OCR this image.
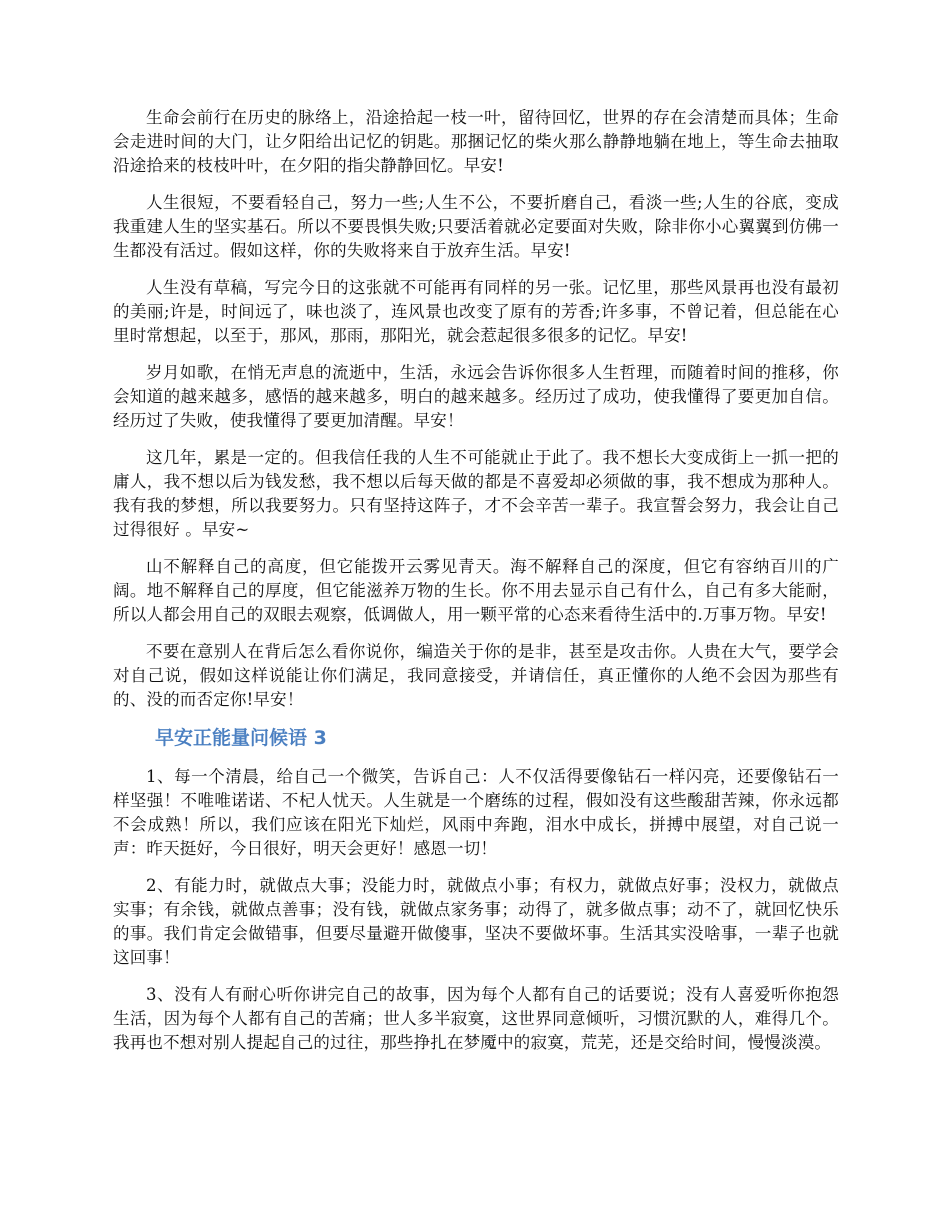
生命会前行在历史的脉络上，沿途拾起一枝一叶，留待回忆，世界的存在会清楚而具体；生命会走进时间的大门，让夕阳给出记忆的钥匙。那捆记忆的柴火那么静静地躺在地上，等生命去抽取沿途拾来的枝枝叶叶，在夕阳的指尖静静回忆。早安!

人生很短，不要看轻自己，努力一些;人生不公，不要折磨自己，看淡一些;人生的谷底，变成我重建人生的坚实基石。所以不要畏惧失败;只要活着就必定要面对失败，除非你小心翼翼到仿佛一生都没有活过。假如这样，你的失败将来自于放弃生活。早安!

人生没有草稿，写完今日的这张就不可能再有同样的另一张。记忆里，那些风景再也没有最初的美丽;许是，时间远了，味也淡了，连风景也改变了原有的芳香;许多事，不曾记着，但总能在心里时常想起，以至于，那风，那雨，那阳光，就会惹起很多很多的记忆。早安!

岁月如歌，在悄无声息的流逝中，生活，永远会告诉你很多人生哲理，而随着时间的推移，你会知道的越来越多，感悟的越来越多，明白的越来越多。经历过了成功，使我懂得了要更加自信。经历过了失败，使我懂得了要更加清醒。早安！

这几年，累是一定的。但我信任我的人生不可能就止于此了。我不想长大变成街上一抓一把的庸人，我不想以后为钱发愁，我不想以后每天做的都是不喜爱却必须做的事，我不想成为那种人。我有我的梦想，所以我要努力。只有坚持这阵子，才不会辛苦一辈子。我宣誓会努力，我会让自己过得很好 。早安~

山不解释自己的高度，但它能拨开云雾见青天。海不解释自己的深度，但它有容纳百川的广阔。地不解释自己的厚度，但它能滋养万物的生长。你不用去显示自己有什么，自己有多大能耐，所以人都会用自己的双眼去观察，低调做人，用一颗平常的心态来看待生活中的.万事万物。早安!

不要在意别人在背后怎么看你说你，编造关于你的是非，甚至是攻击你。人贵在大气，要学会对自己说，假如这样说能让你们满足，我同意接受，并请信任，真正懂你的人绝不会因为那些有的、没的而否定你!早安！

早安正能量问候语 3

1、每一个清晨，给自己一个微笑，告诉自己：人不仅活得要像钻石一样闪亮，还要像钻石一样坚强！不唯唯诺诺、不杞人忧天。人生就是一个磨练的过程，假如没有这些酸甜苦辣，你永远都不会成熟！所以，我们应该在阳光下灿烂，风雨中奔跑，泪水中成长，拼搏中展望，对自己说一声：昨天挺好，今日很好，明天会更好！感恩一切！

2、有能力时，就做点大事；没能力时，就做点小事；有权力，就做点好事；没权力，就做点实事；有余钱，就做点善事；没有钱，就做点家务事；动得了，就多做点事；动不了，就回忆快乐的事。我们肯定会做错事，但要尽量避开做傻事，坚决不要做坏事。生活其实没啥事，一辈子也就这回事！

3、没有人有耐心听你讲完自己的故事，因为每个人都有自己的话要说；没有人喜爱听你抱怨生活，因为每个人都有自己的苦痛；世人多半寂寞，这世界同意倾听，习惯沉默的人，难得几个。我再也不想对别人提起自己的过往，那些挣扎在梦魇中的寂寞，荒芜，还是交给时间，慢慢淡漠。
